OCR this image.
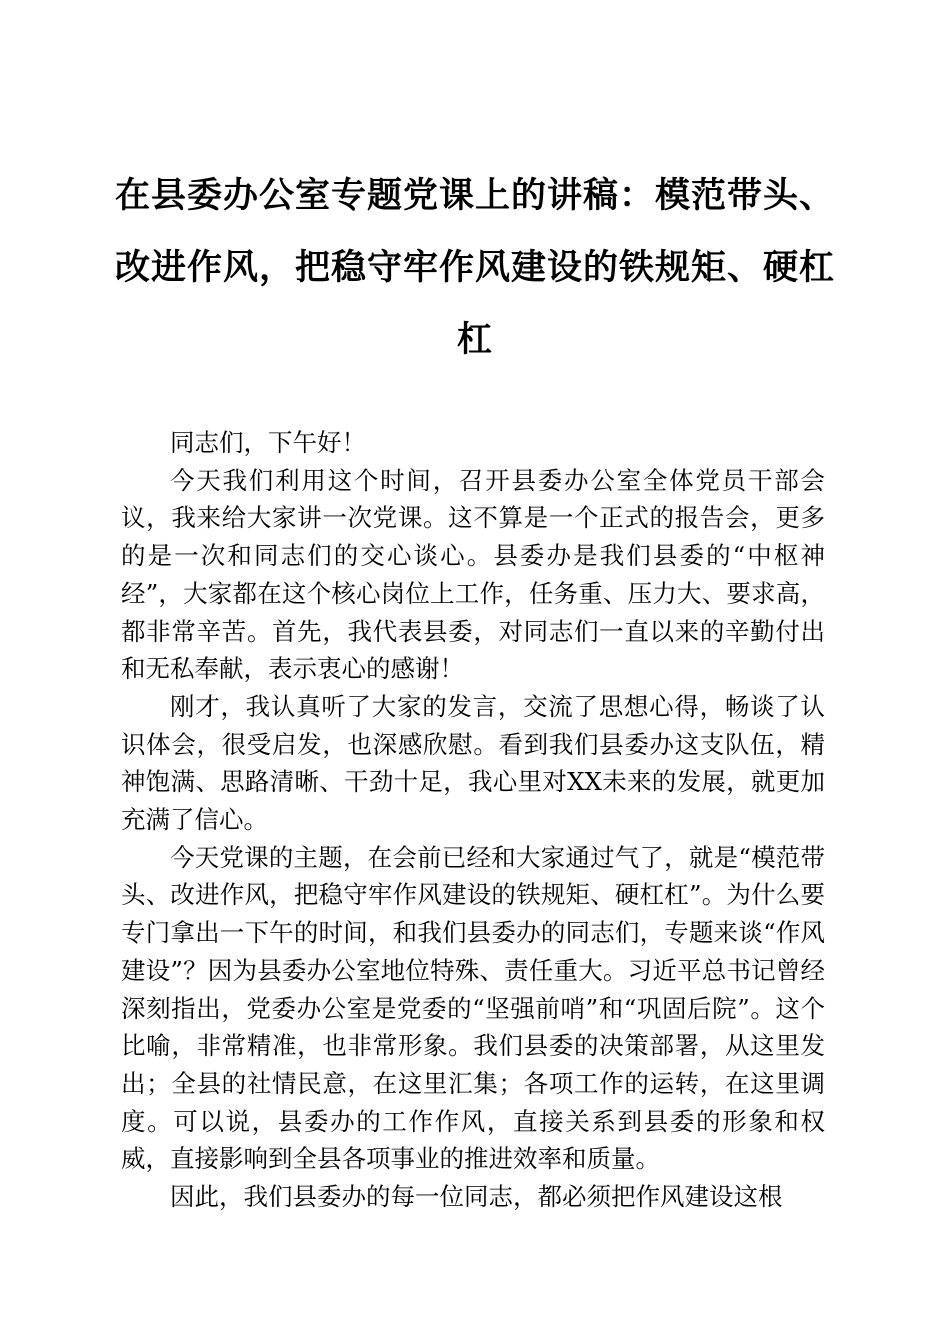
在县委办公室专题党课上的讲稿：模范带头、改进作风，把稳守牢作风建设的铁规矩、硬杠杠

同志们，下午好！

今天我们利用这个时间，召开县委办公室全体党员干部会议，我来给大家讲一次党课。这不算是一个正式的报告会，更多的是一次和同志们的交心谈心。县委办是我们县委的“中枢神经”，大家都在这个核心岗位上工作，任务重、压力大、要求高，都非常辛苦。首先，我代表县委，对同志们一直以来的辛勤付出和无私奉献，表示衷心的感谢！

刚才，我认真听了大家的发言，交流了思想心得，畅谈了认识体会，很受启发，也深感欣慰。看到我们县委办这支队伍，精神饱满、思路清晰、干劲十足，我心里对XX未来的发展，就更加充满了信心。

今天党课的主题，在会前已经和大家通过气了，就是“模范带头、改进作风，把稳守牢作风建设的铁规矩、硬杠杠”。为什么要专门拿出一下午的时间，和我们县委办的同志们，专题来谈“作风建设”？因为县委办公室地位特殊、责任重大。习近平总书记曾经深刻指出，党委办公室是党委的“坚强前哨”和“巩固后院”。这个比喻，非常精准，也非常形象。我们县委的决策部署，从这里发出；全县的社情民意，在这里汇集；各项工作的运转，在这里调度。可以说，县委办的工作作风，直接关系到县委的形象和权威，直接影响到全县各项事业的推进效率和质量。

因此，我们县委办的每一位同志，都必须把作风建设这根
